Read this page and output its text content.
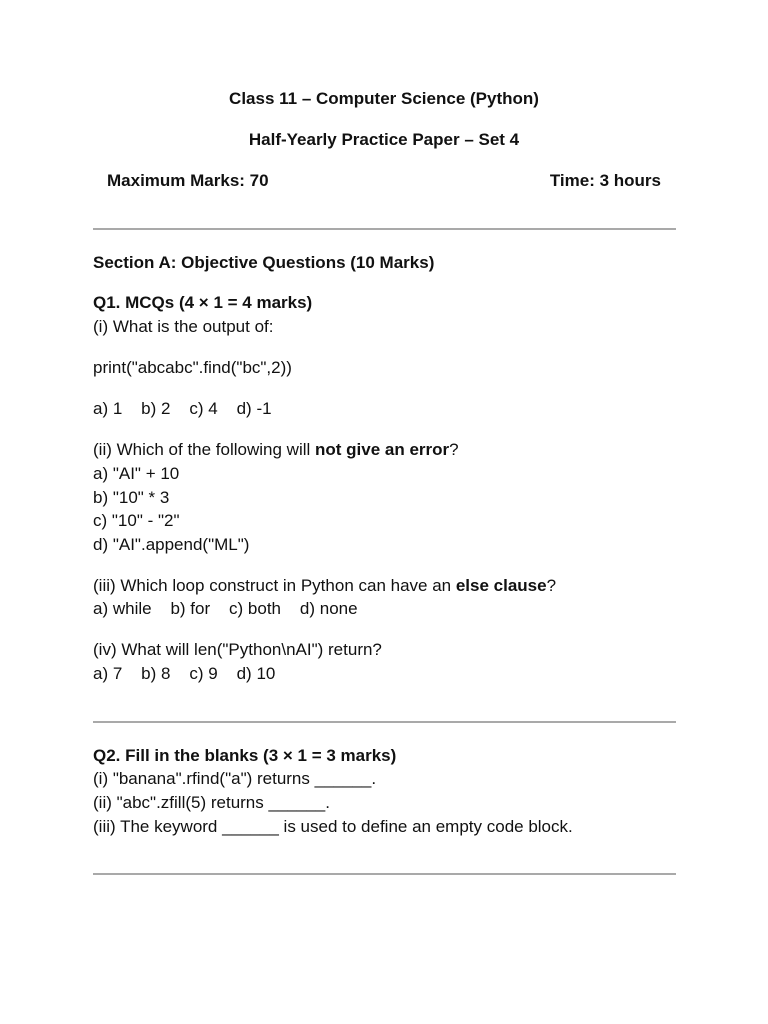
Class 11 – Computer Science (Python)
Half-Yearly Practice Paper – Set 4
Maximum Marks: 70	Time: 3 hours
Section A: Objective Questions (10 Marks)
Q1. MCQs (4 × 1 = 4 marks)
(i) What is the output of:
print("abcabc".find("bc",2))
a) 1    b) 2    c) 4    d) -1
(ii) Which of the following will not give an error?
a) "AI" + 10
b) "10" * 3
c) "10" - "2"
d) "AI".append("ML")
(iii) Which loop construct in Python can have an else clause?
a) while    b) for    c) both    d) none
(iv) What will len("Python\nAI") return?
a) 7    b) 8    c) 9    d) 10
Q2. Fill in the blanks (3 × 1 = 3 marks)
(i) "banana".rfind("a") returns ______.
(ii) "abc".zfill(5) returns ______.
(iii) The keyword ______ is used to define an empty code block.
